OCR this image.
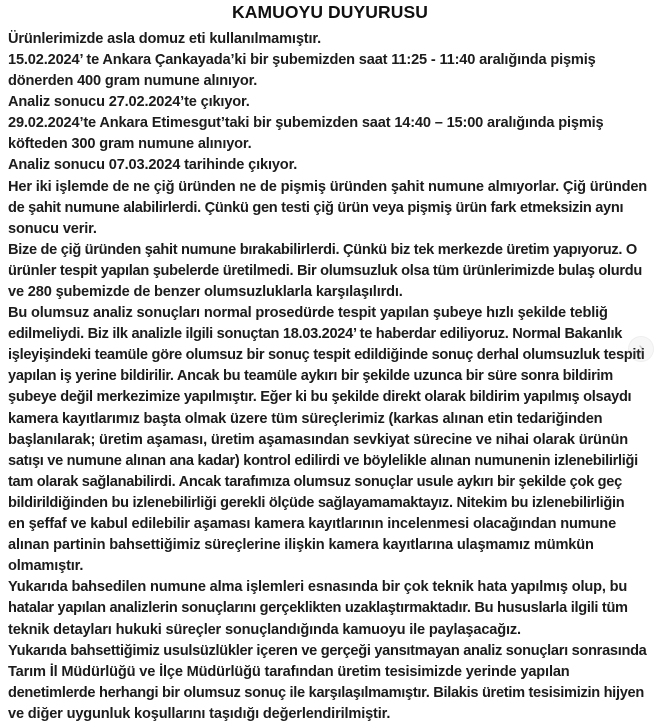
KAMUOYU DUYURUSU
Ürünlerimizde asla domuz eti kullanılmamıştır.
15.02.2024’ te Ankara Çankayada’ki bir şubemizden saat 11:25 - 11:40 aralığında pişmiş
dönerden 400 gram numune alınıyor.
Analiz sonucu 27.02.2024’te çıkıyor.
29.02.2024’te Ankara Etimesgut’taki bir şubemizden saat 14:40 – 15:00 aralığında pişmiş
köfteden 300 gram numune alınıyor.
Analiz sonucu 07.03.2024 tarihinde çıkıyor.
Her iki işlemde de ne çiğ üründen ne de pişmiş üründen şahit numune almıyorlar. Çiğ üründen
de şahit numune alabilirlerdi. Çünkü gen testi çiğ ürün veya pişmiş ürün fark etmeksizin aynı
sonucu verir.
Bize de çiğ üründen şahit numune bırakabilirlerdi. Çünkü biz tek merkezde üretim yapıyoruz. O
ürünler tespit yapılan şubelerde üretilmedi. Bir olumsuzluk olsa tüm ürünlerimizde bulaş olurdu
ve 280 şubemizde de benzer olumsuzluklarla karşılaşılırdı.
Bu olumsuz analiz sonuçları normal prosedürde tespit yapılan şubeye hızlı şekilde tebliğ
edilmeliydi. Biz ilk analizle ilgili sonuçtan 18.03.2024’ te haberdar ediliyoruz. Normal Bakanlık
işleyişindeki teamüle göre olumsuz bir sonuç tespit edildiğinde sonuç derhal olumsuzluk tespiti
yapılan iş yerine bildirilir. Ancak bu teamüle aykırı bir şekilde uzunca bir süre sonra bildirim
şubeye değil merkezimize yapılmıştır. Eğer ki bu şekilde direkt olarak bildirim yapılmış olsaydı
kamera kayıtlarımız başta olmak üzere tüm süreçlerimiz (karkas alınan etin tedariğinden
başlanılarak; üretim aşaması, üretim aşamasından sevkiyat sürecine ve nihai olarak ürünün
satışı ve numune alınan ana kadar) kontrol edilirdi ve böylelikle alınan numunenin izlenebilirliği
tam olarak sağlanabilirdi. Ancak tarafımıza olumsuz sonuçlar usule aykırı bir şekilde çok geç
bildirildiğinden bu izlenebilirliği gerekli ölçüde sağlayamamaktayız. Nitekim bu izlenebilirliğin
en şeffaf ve kabul edilebilir aşaması kamera kayıtlarının incelenmesi olacağından numune
alınan partinin bahsettiğimiz süreçlerine ilişkin kamera kayıtlarına ulaşmamız mümkün
olmamıştır.
Yukarıda bahsedilen numune alma işlemleri esnasında bir çok teknik hata yapılmış olup, bu
hatalar yapılan analizlerin sonuçlarını gerçeklikten uzaklaştırmaktadır. Bu hususlarla ilgili tüm
teknik detayları hukuki süreçler sonuçlandığında kamuoyu ile paylaşacağız.
Yukarıda bahsettiğimiz usulsüzlükler içeren ve gerçeği yansıtmayan analiz sonuçları sonrasında
Tarım İl Müdürlüğü ve İlçe Müdürlüğü tarafından üretim tesisimizde yerinde yapılan
denetimlerde herhangi bir olumsuz sonuç ile karşılaşılmamıştır. Bilakis üretim tesisimizin hijyen
ve diğer uygunluk koşullarını taşıdığı değerlendirilmiştir.
